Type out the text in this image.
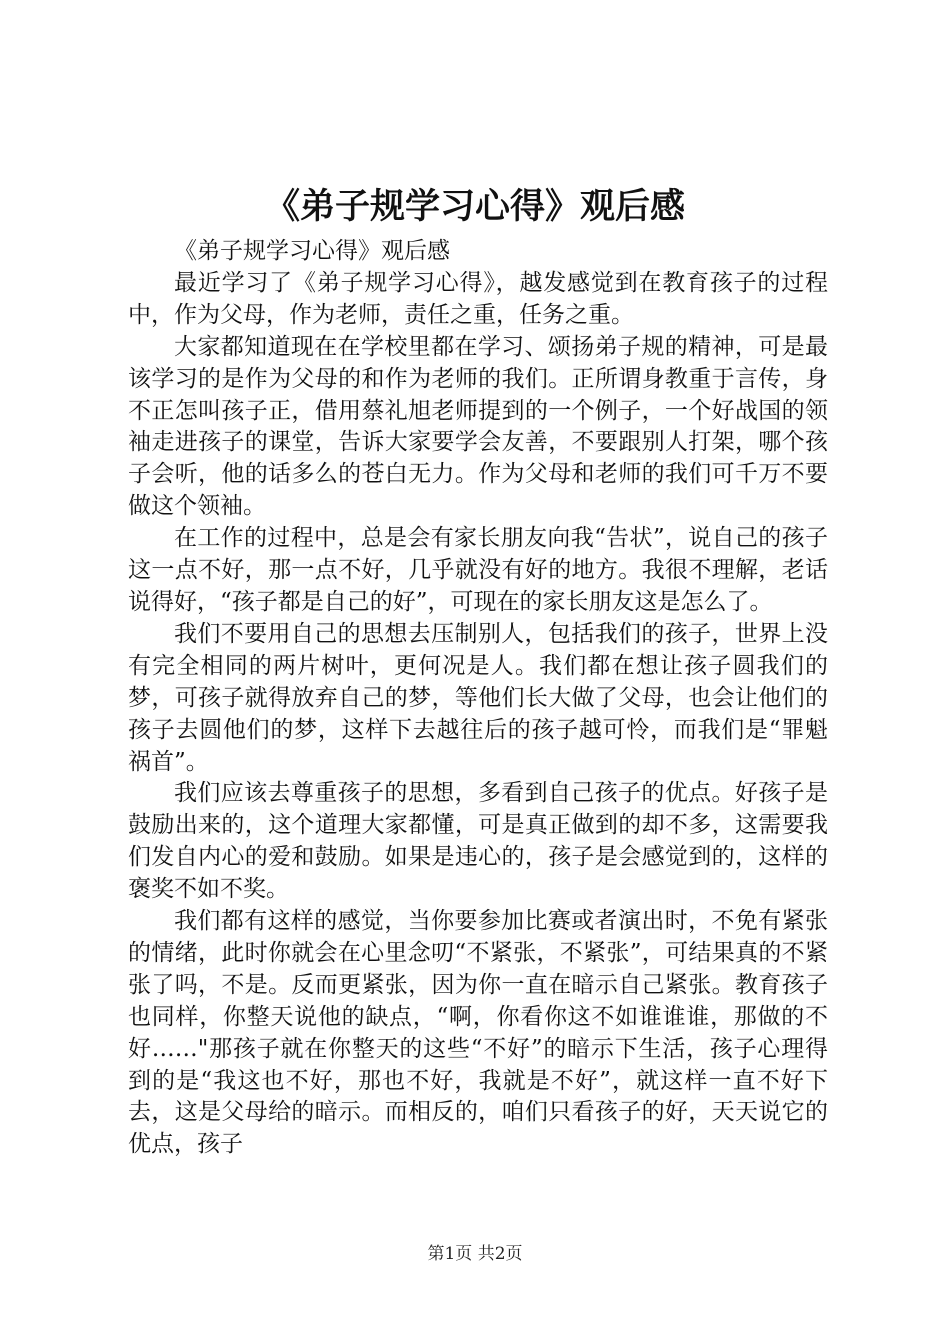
《弟子规学习心得》观后感

《弟子规学习心得》观后感

最近学习了《弟子规学习心得》，越发感觉到在教育孩子的过程中，作为父母，作为老师，责任之重，任务之重。

大家都知道现在在学校里都在学习、颂扬弟子规的精神，可是最该学习的是作为父母的和作为老师的我们。正所谓身教重于言传，身不正怎叫孩子正，借用蔡礼旭老师提到的一个例子，一个好战国的领袖走进孩子的课堂，告诉大家要学会友善，不要跟别人打架，哪个孩子会听，他的话多么的苍白无力。作为父母和老师的我们可千万不要做这个领袖。

在工作的过程中，总是会有家长朋友向我“告状”，说自己的孩子这一点不好，那一点不好，几乎就没有好的地方。我很不理解，老话说得好，“孩子都是自己的好”，可现在的家长朋友这是怎么了。

我们不要用自己的思想去压制别人，包括我们的孩子，世界上没有完全相同的两片树叶，更何况是人。我们都在想让孩子圆我们的梦，可孩子就得放弃自己的梦，等他们长大做了父母，也会让他们的孩子去圆他们的梦，这样下去越往后的孩子越可怜，而我们是“罪魁祸首”。

我们应该去尊重孩子的思想，多看到自己孩子的优点。好孩子是鼓励出来的，这个道理大家都懂，可是真正做到的却不多，这需要我们发自内心的爱和鼓励。如果是违心的，孩子是会感觉到的，这样的褒奖不如不奖。

我们都有这样的感觉，当你要参加比赛或者演出时，不免有紧张的情绪，此时你就会在心里念叨“不紧张，不紧张”，可结果真的不紧张了吗，不是。反而更紧张，因为你一直在暗示自己紧张。教育孩子也同样，你整天说他的缺点，“啊，你看你这不如谁谁谁，那做的不好……"那孩子就在你整天的这些“不好”的暗示下生活，孩子心理得到的是“我这也不好，那也不好，我就是不好”，就这样一直不好下去，这是父母给的暗示。而相反的，咱们只看孩子的好，天天说它的优点，孩子

第1页 共2页
